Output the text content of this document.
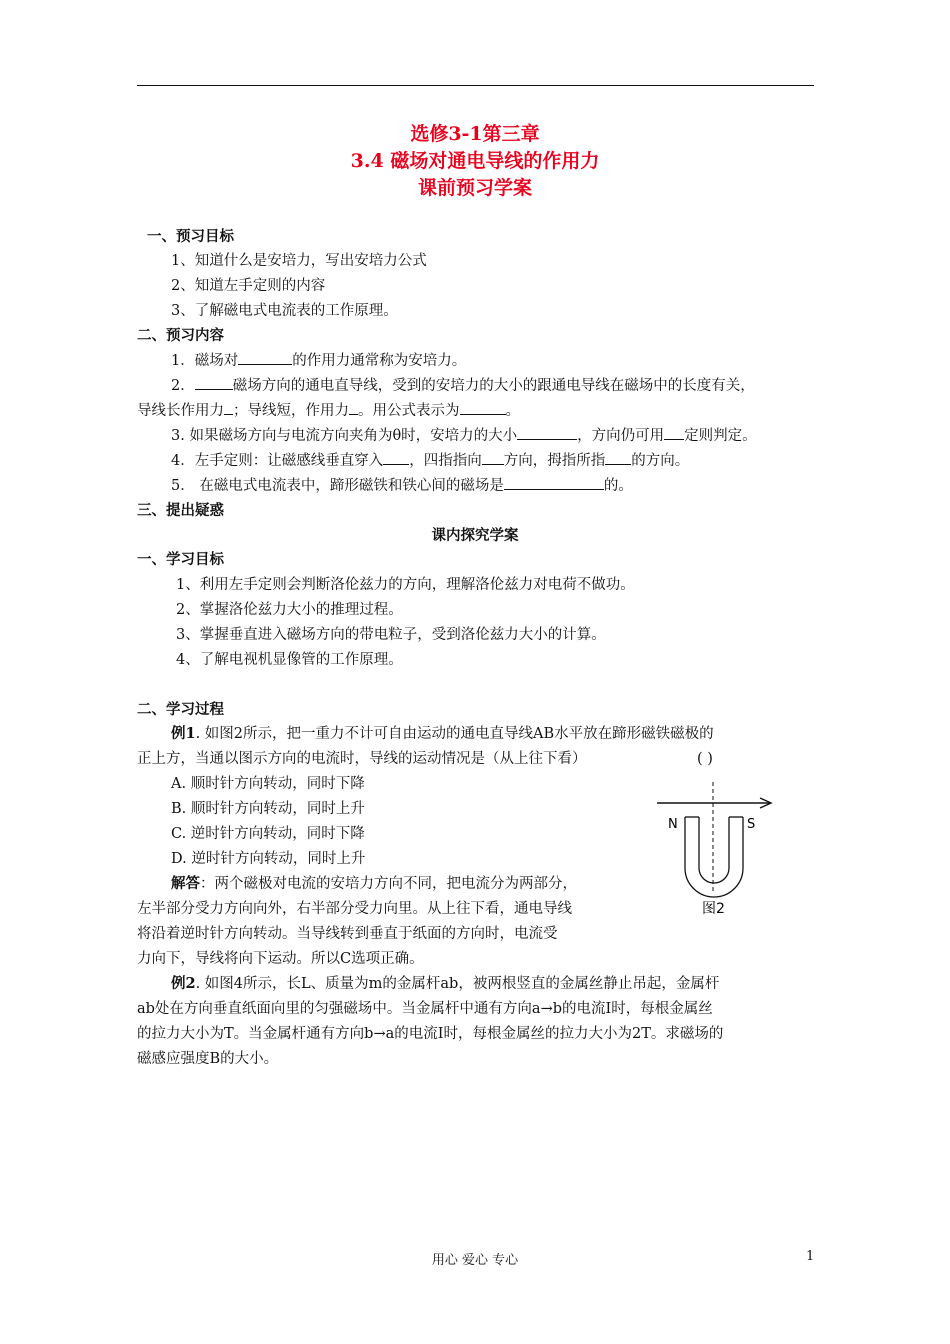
选修3-1第三章
3.4 磁场对通电导线的作用力
课前预习学案
一、预习目标
1、知道什么是安培力，写出安培力公式
2、知道左手定则的内容
3、了解磁电式电流表的工作原理。
二、预习内容
1．磁场对	的作用力通常称为安培力。
2．	磁场方向的通电直导线，受到的安培力的大小的跟通电导线在磁场中的长度有关，
导线长作用力 ；导线短，作用力 。用公式表示为	。
3. 如果磁场方向与电流方向夹角为θ时，安培力的大小	，方向仍可用 定则判定。
4．左手定则：让磁感线垂直穿入 ，四指指向 方向，拇指所指 的方向。
5． 在磁电式电流表中，蹄形磁铁和铁心间的磁场是	的。
三、提出疑惑
课内探究学案
一、学习目标
1、利用左手定则会判断洛伦兹力的方向，理解洛伦兹力对电荷不做功。
2、掌握洛伦兹力大小的推理过程。
3、掌握垂直进入磁场方向的带电粒子，受到洛伦兹力大小的计算。
4、了解电视机显像管的工作原理。
二、学习过程
例1. 如图2所示，把一重力不计可自由运动的通电直导线AB水平放在蹄形磁铁磁极的
正上方，当通以图示方向的电流时，导线的运动情况是（从上往下看）	( )
A. 顺时针方向转动，同时下降
B. 顺时针方向转动，同时上升
C. 逆时针方向转动，同时下降
D. 逆时针方向转动，同时上升
解答：两个磁极对电流的安培力方向不同，把电流分为两部分，
左半部分受力方向向外，右半部分受力向里。从上往下看，通电导线
将沿着逆时针方向转动。当导线转到垂直于纸面的方向时，电流受
力向下，导线将向下运动。所以C选项正确。
N	S
图2
例2. 如图4所示，长L、质量为m的金属杆ab，被两根竖直的金属丝静止吊起，金属杆
ab处在方向垂直纸面向里的匀强磁场中。当金属杆中通有方向a→b的电流I时，每根金属丝
的拉力大小为T。当金属杆通有方向b→a的电流I时，每根金属丝的拉力大小为2T。求磁场的
磁感应强度B的大小。
用心 爱心 专心	1
